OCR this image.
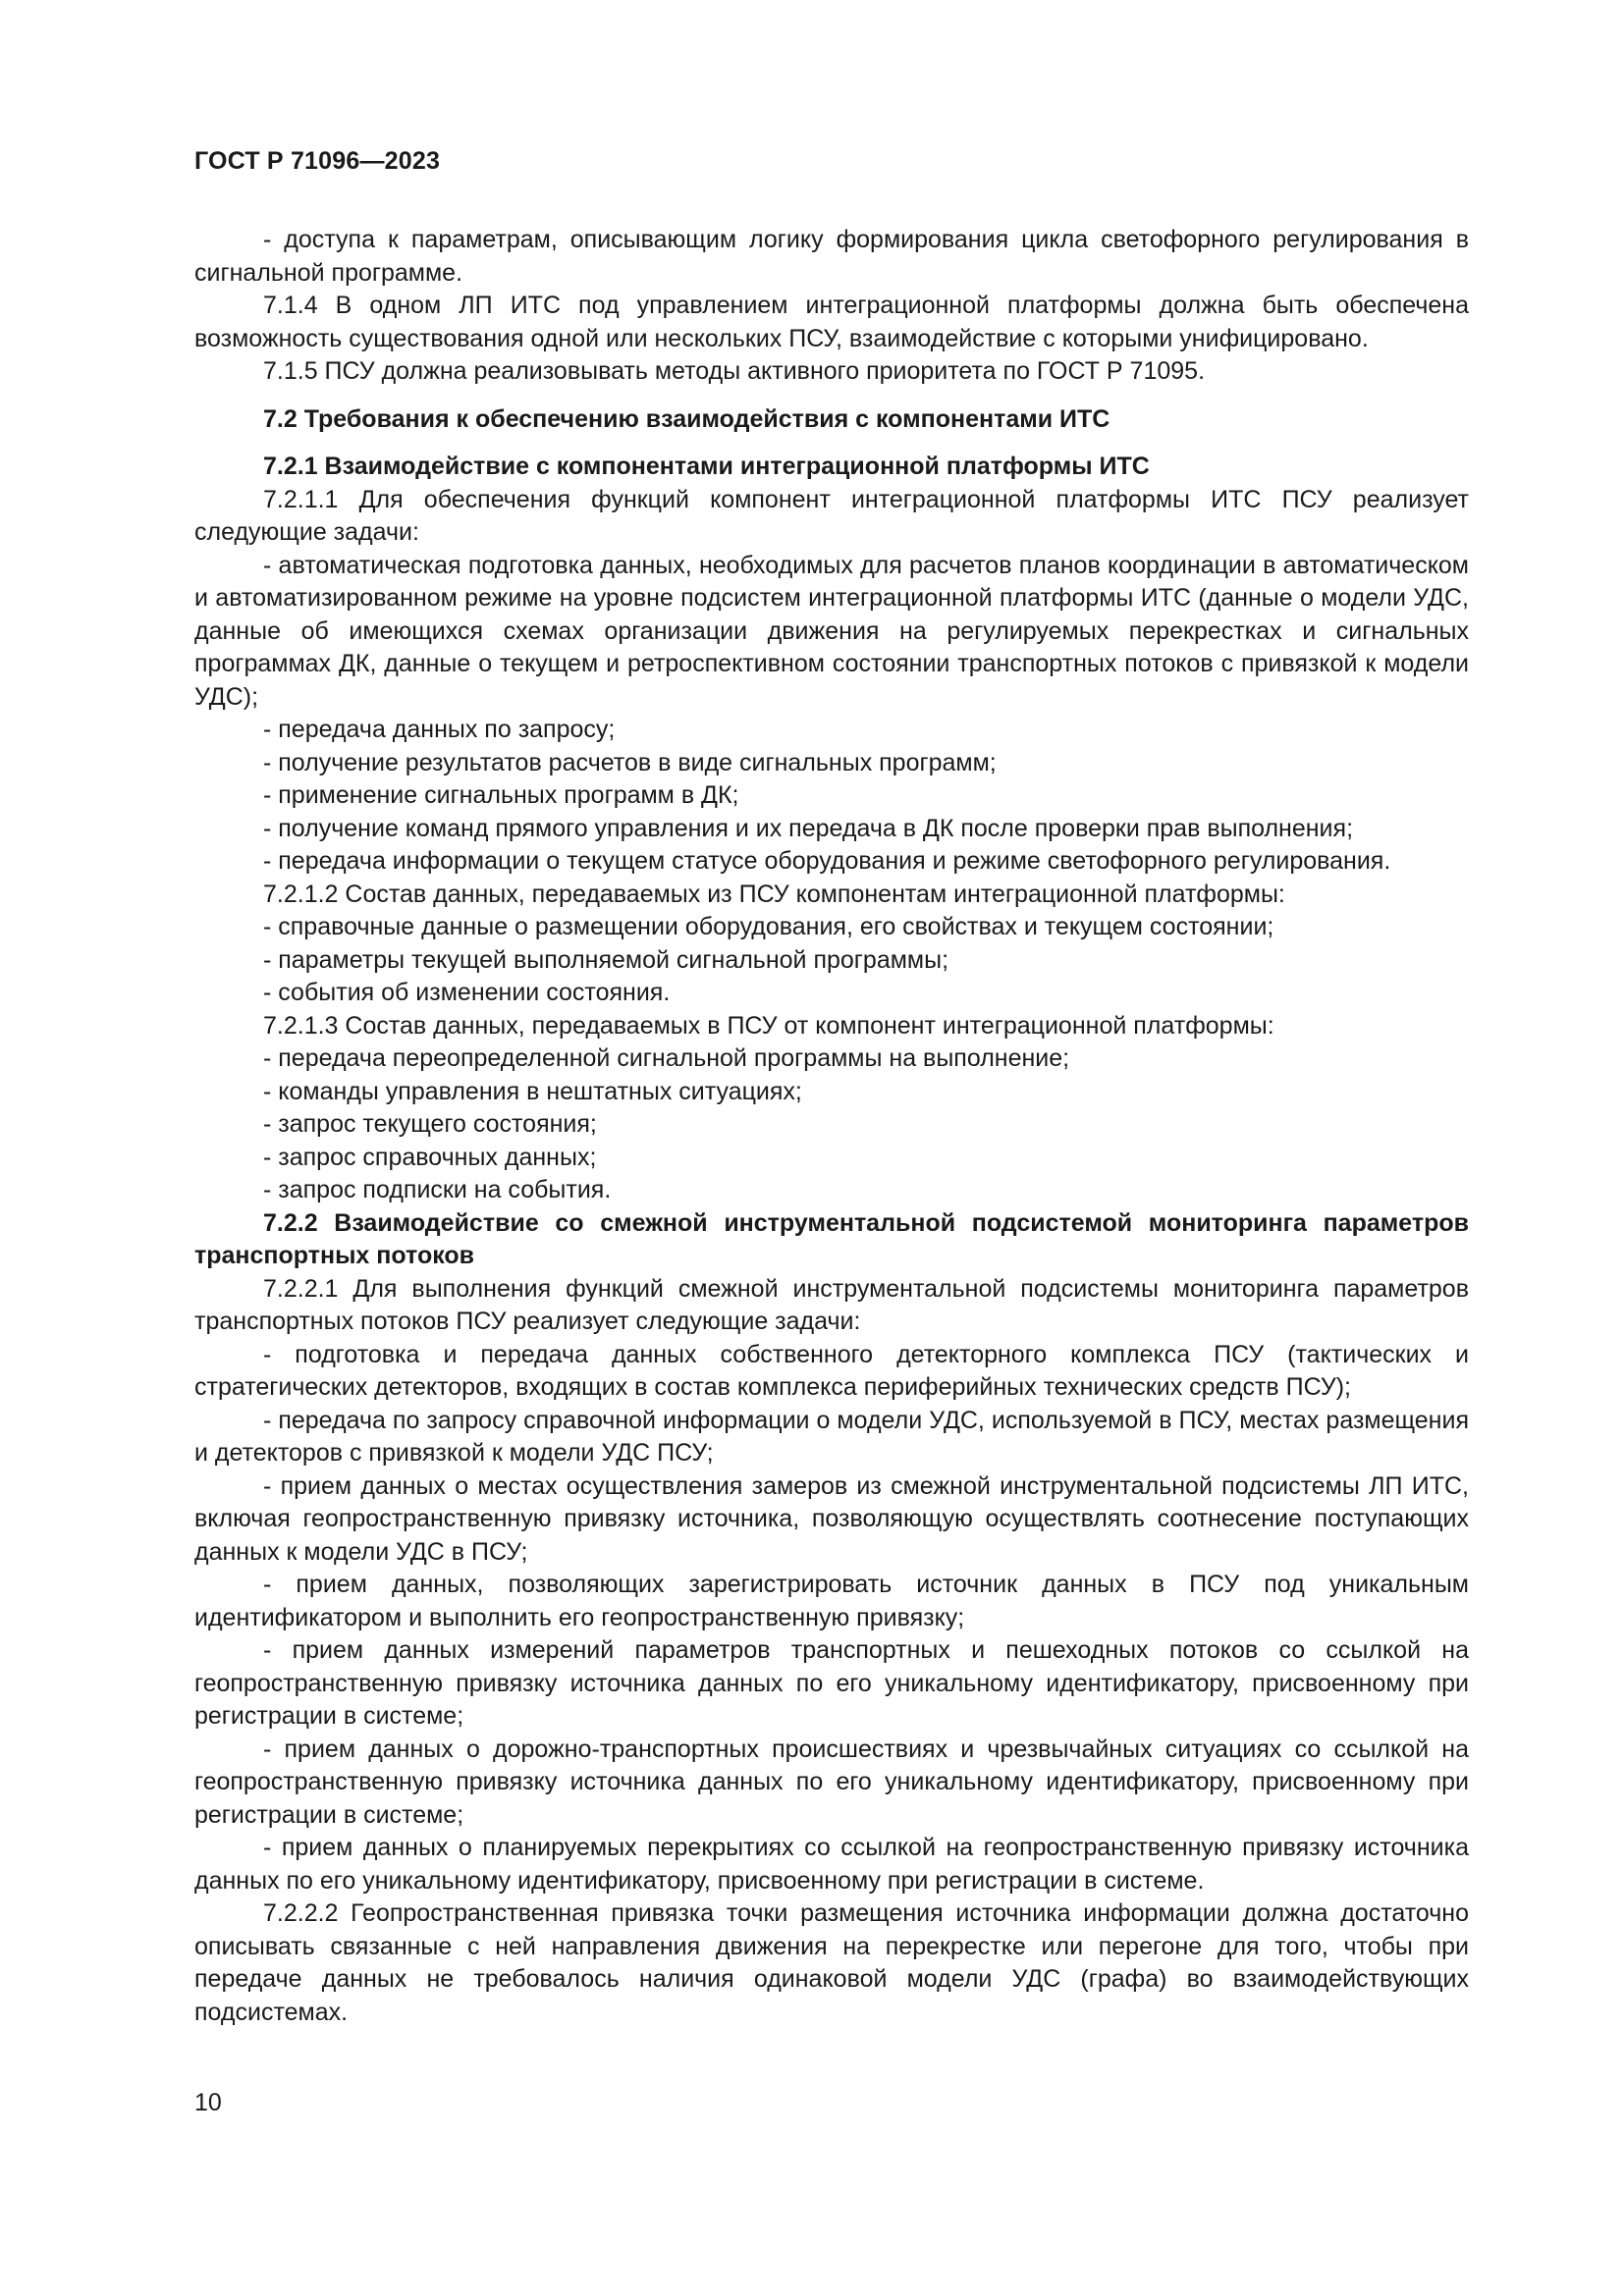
ГОСТ Р 71096—2023

- доступа к параметрам, описывающим логику формирования цикла светофорного регулирования в сигнальной программе.

7.1.4 В одном ЛП ИТС под управлением интеграционной платформы должна быть обеспечена возможность существования одной или нескольких ПСУ, взаимодействие с которыми унифицировано.

7.1.5 ПСУ должна реализовывать методы активного приоритета по ГОСТ Р 71095.

7.2 Требования к обеспечению взаимодействия с компонентами ИТС

7.2.1 Взаимодействие с компонентами интеграционной платформы ИТС

7.2.1.1 Для обеспечения функций компонент интеграционной платформы ИТС ПСУ реализует следующие задачи:

- автоматическая подготовка данных, необходимых для расчетов планов координации в автоматическом и автоматизированном режиме на уровне подсистем интеграционной платформы ИТС (данные о модели УДС, данные об имеющихся схемах организации движения на регулируемых перекрестках и сигнальных программах ДК, данные о текущем и ретроспективном состоянии транспортных потоков с привязкой к модели УДС);

- передача данных по запросу;

- получение результатов расчетов в виде сигнальных программ;

- применение сигнальных программ в ДК;

- получение команд прямого управления и их передача в ДК после проверки прав выполнения;

- передача информации о текущем статусе оборудования и режиме светофорного регулирования.

7.2.1.2 Состав данных, передаваемых из ПСУ компонентам интеграционной платформы:

- справочные данные о размещении оборудования, его свойствах и текущем состоянии;

- параметры текущей выполняемой сигнальной программы;

- события об изменении состояния.

7.2.1.3 Состав данных, передаваемых в ПСУ от компонент интеграционной платформы:

- передача переопределенной сигнальной программы на выполнение;

- команды управления в нештатных ситуациях;

- запрос текущего состояния;

- запрос справочных данных;

- запрос подписки на события.

7.2.2 Взаимодействие со смежной инструментальной подсистемой мониторинга параметров транспортных потоков

7.2.2.1 Для выполнения функций смежной инструментальной подсистемы мониторинга параметров транспортных потоков ПСУ реализует следующие задачи:

- подготовка и передача данных собственного детекторного комплекса ПСУ (тактических и стратегических детекторов, входящих в состав комплекса периферийных технических средств ПСУ);

- передача по запросу справочной информации о модели УДС, используемой в ПСУ, местах размещения и детекторов с привязкой к модели УДС ПСУ;

- прием данных о местах осуществления замеров из смежной инструментальной подсистемы ЛП ИТС, включая геопространственную привязку источника, позволяющую осуществлять соотнесение поступающих данных к модели УДС в ПСУ;

- прием данных, позволяющих зарегистрировать источник данных в ПСУ под уникальным идентификатором и выполнить его геопространственную привязку;

- прием данных измерений параметров транспортных и пешеходных потоков со ссылкой на геопространственную привязку источника данных по его уникальному идентификатору, присвоенному при регистрации в системе;

- прием данных о дорожно-транспортных происшествиях и чрезвычайных ситуациях со ссылкой на геопространственную привязку источника данных по его уникальному идентификатору, присвоенному при регистрации в системе;

- прием данных о планируемых перекрытиях со ссылкой на геопространственную привязку источника данных по его уникальному идентификатору, присвоенному при регистрации в системе.

7.2.2.2 Геопространственная привязка точки размещения источника информации должна достаточно описывать связанные с ней направления движения на перекрестке или перегоне для того, чтобы при передаче данных не требовалось наличия одинаковой модели УДС (графа) во взаимодействующих подсистемах.

10
